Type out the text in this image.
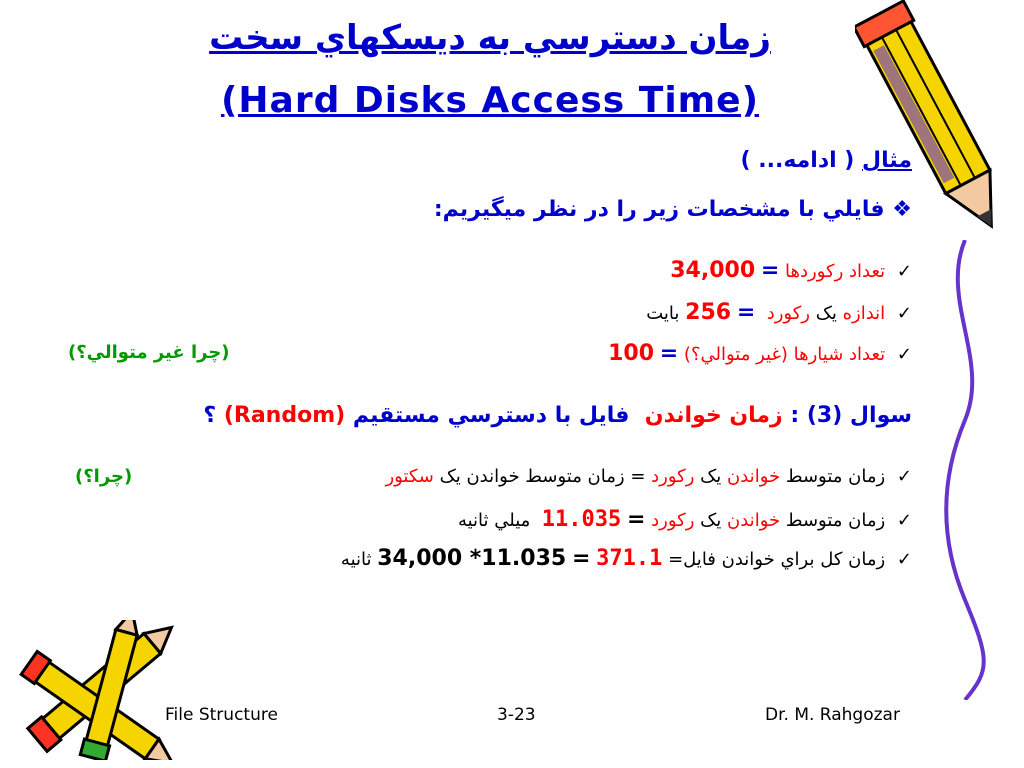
زمان دسترسي به ديسکهاي سخت
(Hard Disks Access Time)
مثال ( ادامه... )
❖ فايلي با مشخصات زير را در نظر ميگيريم:
✓ تعداد رکوردها = 34,000
✓ اندازه يک رکورد  = 256 بايت
✓ تعداد شيارها (غير متوالي؟) = 100
(چرا غير متوالي؟)
سوال (3) : زمان خواندن  فايل با دسترسي مستقيم (Random) ؟
✓ زمان متوسط خواندن يک رکورد = زمان متوسط خواندن يک سکتور
(چرا؟)
✓ زمان متوسط خواندن يک رکورد = 11.035  ميلي ثانيه
✓ زمان کل براي خواندن فايل= 34,000 *11.035 = 371.1 ثانيه
File Structure	3-23	Dr. M. Rahgozar
